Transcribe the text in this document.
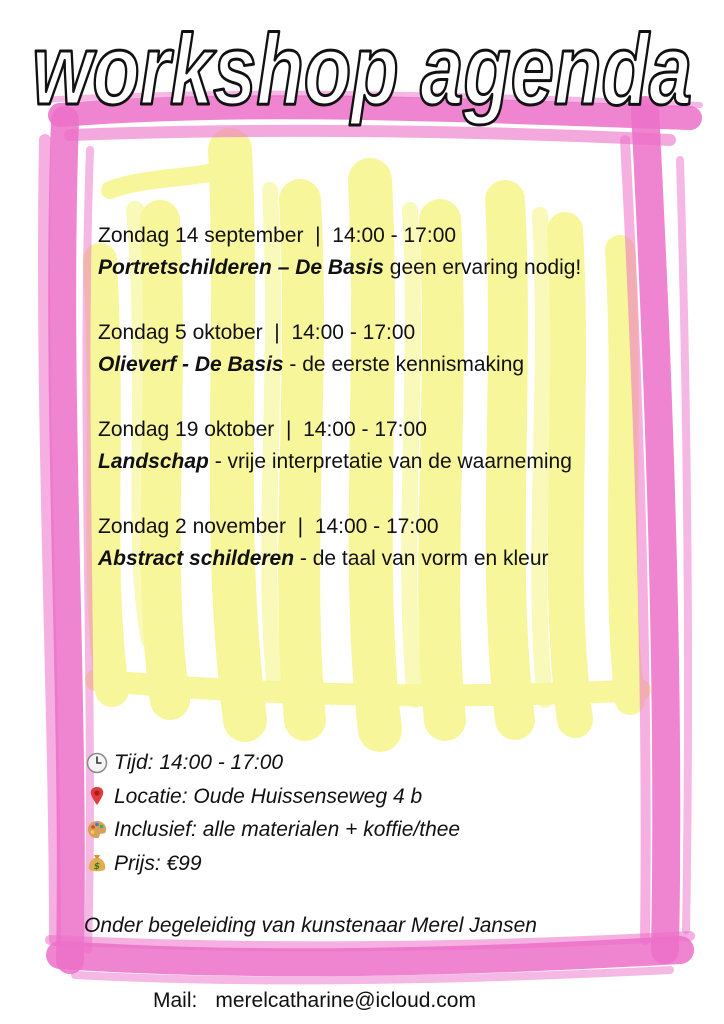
workshop agenda
Zondag 14 september | 14:00 - 17:00
Portretschilderen – De Basis geen ervaring nodig!
Zondag 5 oktober | 14:00 - 17:00
Olieverf - De Basis - de eerste kennismaking
Zondag 19 oktober | 14:00 - 17:00
Landschap - vrije interpretatie van de waarneming
Zondag 2 november | 14:00 - 17:00
Abstract schilderen - de taal van vorm en kleur
Tijd: 14:00 - 17:00
Locatie: Oude Huissenseweg 4 b
Inclusief: alle materialen + koffie/thee
$ Prijs: €99
Onder begeleiding van kunstenaar Merel Jansen
Mail: merelcatharine@icloud.com
